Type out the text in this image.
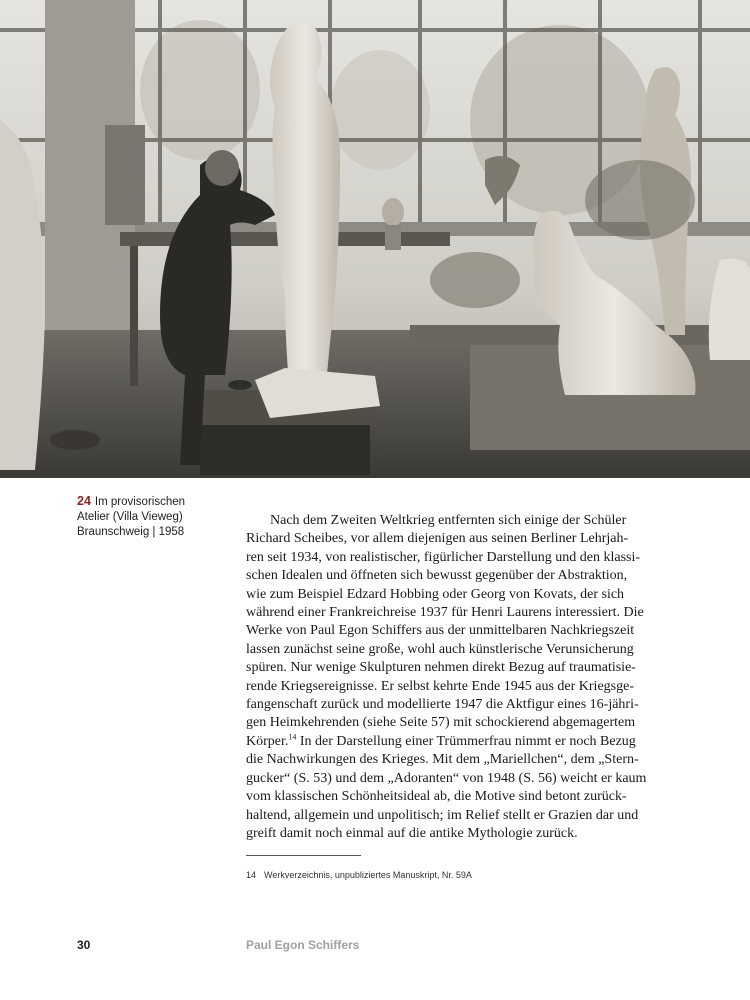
24 Im provisorischen
Atelier (Villa Vieweg)
Braunschweig | 1958
Nach dem Zweiten Weltkrieg entfernten sich einige der Schüler
Richard Scheibes, vor allem diejenigen aus seinen Berliner Lehrjah-
ren seit 1934, von realistischer, figürlicher Darstellung und den klassi-
schen Idealen und öffneten sich bewusst gegenüber der Abstraktion,
wie zum Beispiel Edzard Hobbing oder Georg von Kovats, der sich
während einer Frankreichreise 1937 für Henri Laurens interessiert. Die
Werke von Paul Egon Schiffers aus der unmittelbaren Nachkriegszeit
lassen zunächst seine große, wohl auch künstlerische Verunsicherung
spüren. Nur wenige Skulpturen nehmen direkt Bezug auf traumatisie-
rende Kriegsereignisse. Er selbst kehrte Ende 1945 aus der Kriegsge-
fangenschaft zurück und modellierte 1947 die Aktfigur eines 16-jähri-
gen Heimkehrenden (siehe Seite 57) mit schockierend abgemagertem
Körper.$^{14}$ In der Darstellung einer Trümmerfrau nimmt er noch Bezug
die Nachwirkungen des Krieges. Mit dem „Mariellchen“, dem „Stern-
gucker“ (S. 53) und dem „Adoranten“ von 1948 (S. 56) weicht er kaum
vom klassischen Schönheitsideal ab, die Motive sind betont zurück-
haltend, allgemein und unpolitisch; im Relief stellt er Grazien dar und
greift damit noch einmal auf die antike Mythologie zurück.
14 Werkverzeichnis, unpubliziertes Manuskript, Nr. 59A
30	Paul Egon Schiffers
